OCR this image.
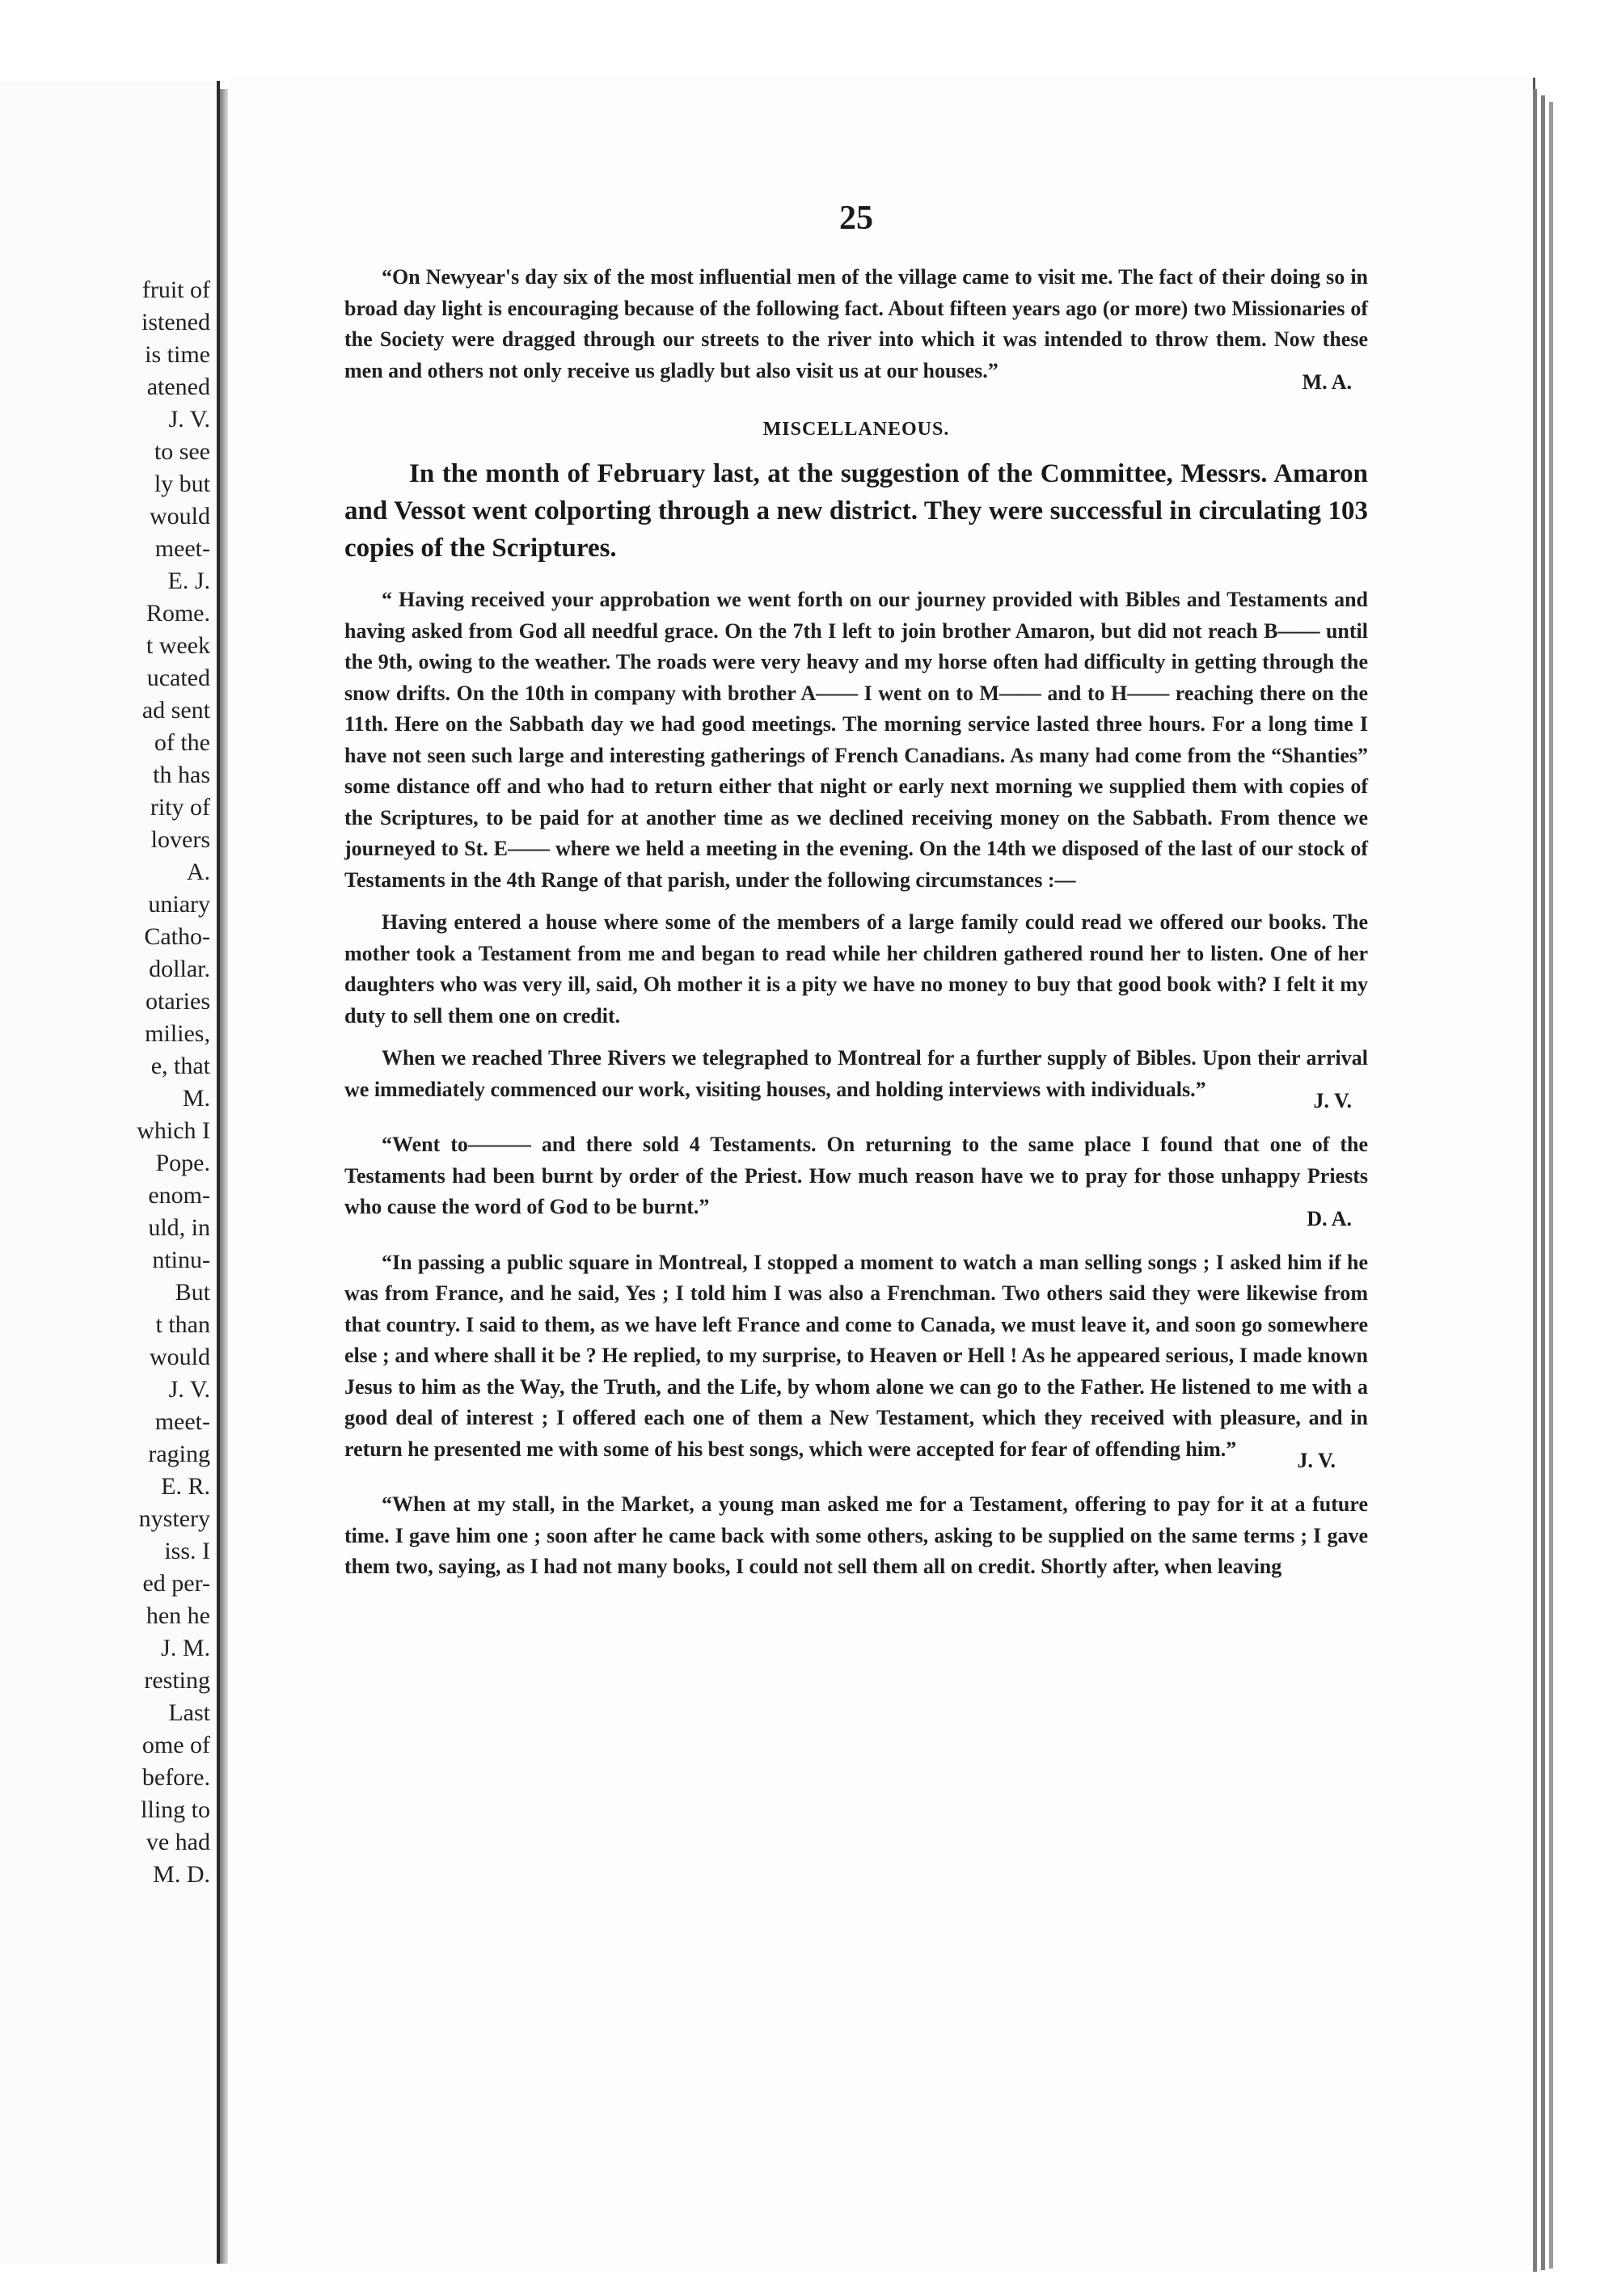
fruit of
istened
is time
atened
J. V.
to see
ly but
would
meet-
E. J.
Rome.
t week
ucated
ad sent
of the
th has
rity of
lovers
A.
uniary
Catho-
dollar.
otaries
milies,
e, that
M.
which I
Pope.
enom-
uld, in
ntinu-
But
t than
would
J. V.
meet-
raging
E. R.
nystery
iss. I
ed per-
hen he
J. M.
resting
Last
ome of
before.
lling to
ve had
M. D.
25

“On Newyear's day six of the most influential men of the village came to visit me. The fact of their doing so in broad day light is encouraging because of the following fact. About fifteen years ago (or more) two Missionaries of the Society were dragged through our streets to the river into which it was intended to throw them. Now these men and others not only receive us gladly but also visit us at our houses.”	M. A.
MISCELLANEOUS.

In the month of February last, at the suggestion of the Committee, Messrs. Amaron and Vessot went colporting through a new district. They were successful in circulating 103 copies of the Scriptures.

“ Having received your approbation we went forth on our journey provided with Bibles and Testaments and having asked from God all needful grace. On the 7th I left to join brother Amaron, but did not reach B—— until the 9th, owing to the weather. The roads were very heavy and my horse often had difficulty in getting through the snow drifts. On the 10th in company with brother A—— I went on to M—— and to H—— reaching there on the 11th. Here on the Sabbath day we had good meetings. The morning service lasted three hours. For a long time I have not seen such large and interesting gatherings of French Canadians. As many had come from the “Shanties” some distance off and who had to return either that night or early next morning we supplied them with copies of the Scriptures, to be paid for at another time as we declined receiving money on the Sabbath. From thence we journeyed to St. E—— where we held a meeting in the evening. On the 14th we disposed of the last of our stock of Testaments in the 4th Range of that parish, under the following circumstances :—

Having entered a house where some of the members of a large family could read we offered our books. The mother took a Testament from me and began to read while her children gathered round her to listen. One of her daughters who was very ill, said, Oh mother it is a pity we have no money to buy that good book with? I felt it my duty to sell them one on credit.

When we reached Three Rivers we telegraphed to Montreal for a further supply of Bibles. Upon their arrival we immediately commenced our work, visiting houses, and holding interviews with individuals.”	J. V.

“Went to——— and there sold 4 Testaments. On returning to the same place I found that one of the Testaments had been burnt by order of the Priest. How much reason have we to pray for those unhappy Priests who cause the word of God to be burnt.”	D. A.

“In passing a public square in Montreal, I stopped a moment to watch a man selling songs ; I asked him if he was from France, and he said, Yes ; I told him I was also a Frenchman. Two others said they were likewise from that country. I said to them, as we have left France and come to Canada, we must leave it, and soon go somewhere else ; and where shall it be ? He replied, to my surprise, to Heaven or Hell ! As he appeared serious, I made known Jesus to him as the Way, the Truth, and the Life, by whom alone we can go to the Father. He listened to me with a good deal of interest ; I offered each one of them a New Testament, which they received with pleasure, and in return he presented me with some of his best songs, which were accepted for fear of offending him.”	J. V.

“When at my stall, in the Market, a young man asked me for a Testament, offering to pay for it at a future time. I gave him one ; soon after he came back with some others, asking to be supplied on the same terms ; I gave them two, saying, as I had not many books, I could not sell them all on credit. Shortly after, when leaving
